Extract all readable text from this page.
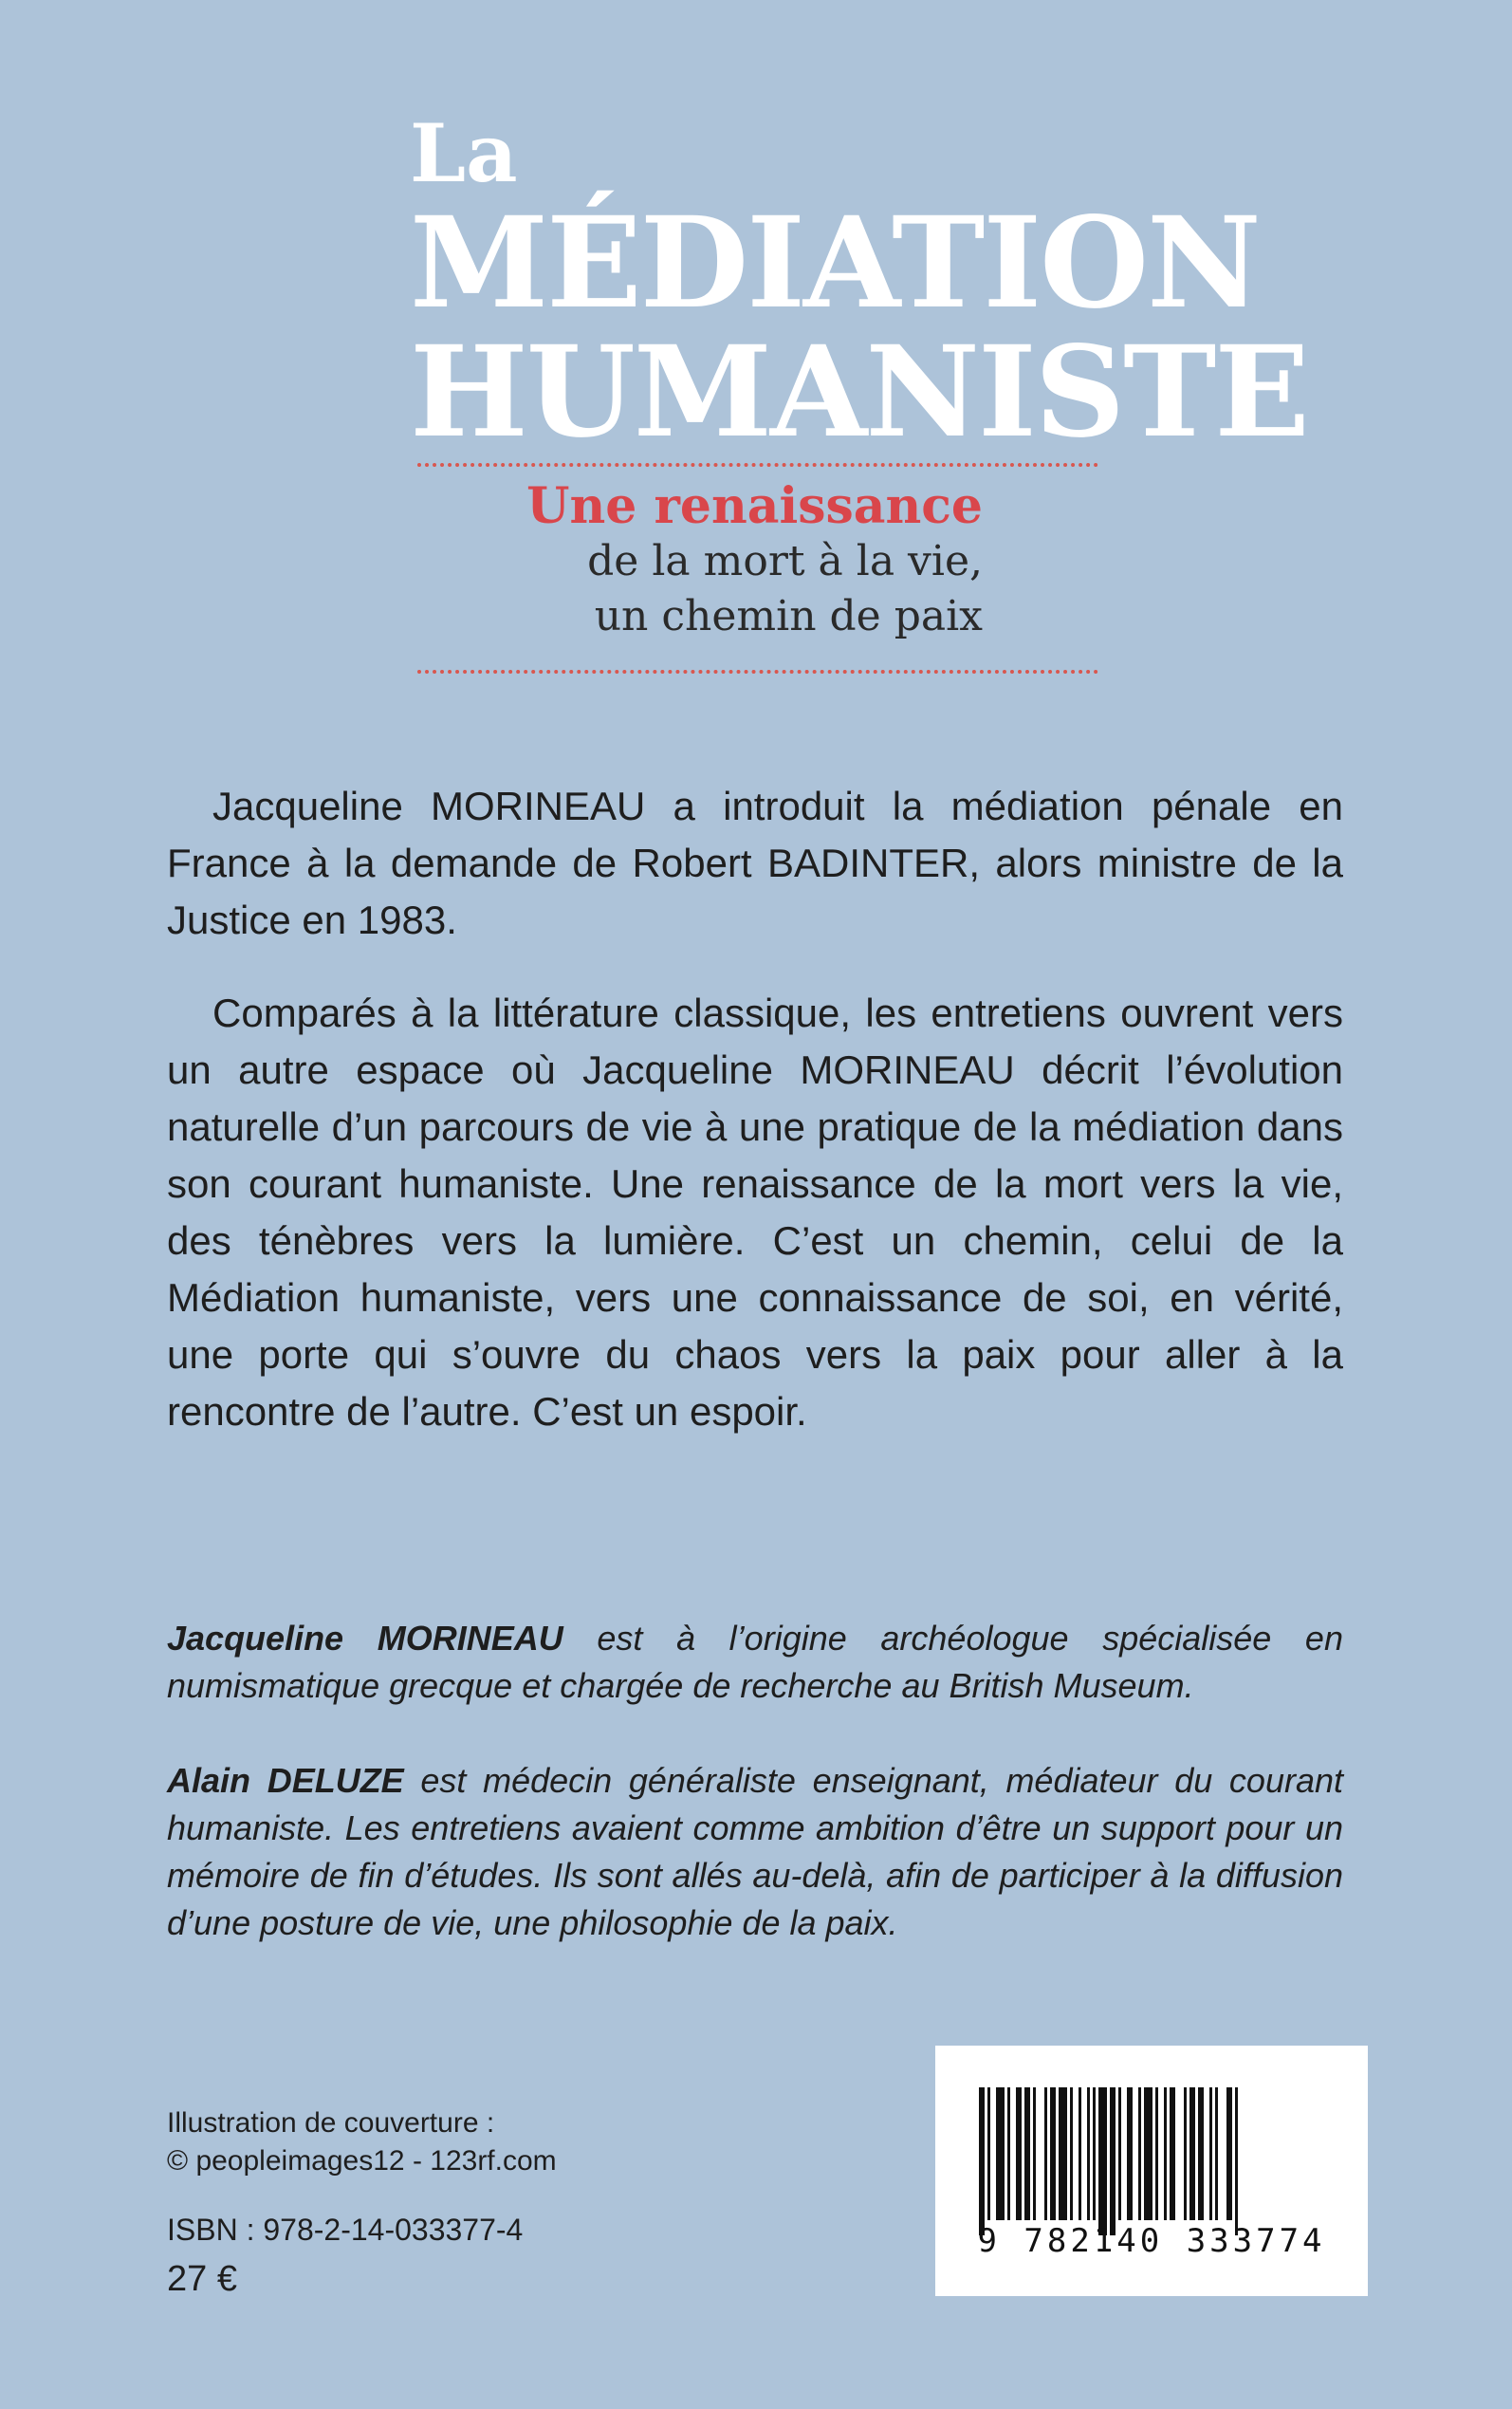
La
MÉDIATION
HUMANISTE
Une renaissance
de la mort à la vie,
un chemin de paix

Jacqueline MORINEAU a introduit la médiation pénale en France à la demande de Robert BADINTER, alors ministre de la Justice en 1983.

Comparés à la littérature classique, les entretiens ouvrent vers un autre espace où Jacqueline MORINEAU décrit l’évolution naturelle d’un parcours de vie à une pratique de la médiation dans son courant humaniste. Une renaissance de la mort vers la vie, des ténèbres vers la lumière. C’est un chemin, celui de la Médiation humaniste, vers une connaissance de soi, en vérité, une porte qui s’ouvre du chaos vers la paix pour aller à la rencontre de l’autre. C’est un espoir.

Jacqueline MORINEAU est à l’origine archéologue spécialisée en numismatique grecque et chargée de recherche au British Museum.

Alain DELUZE est médecin généraliste enseignant, médiateur du courant humaniste. Les entretiens avaient comme ambition d’être un support pour un mémoire de fin d’études. Ils sont allés au-delà, afin de participer à la diffusion d’une posture de vie, une philosophie de la paix.

Illustration de couverture :
© peopleimages12 - 123rf.com
ISBN : 978-2-14-033377-4
27 €
9 782140 333774
